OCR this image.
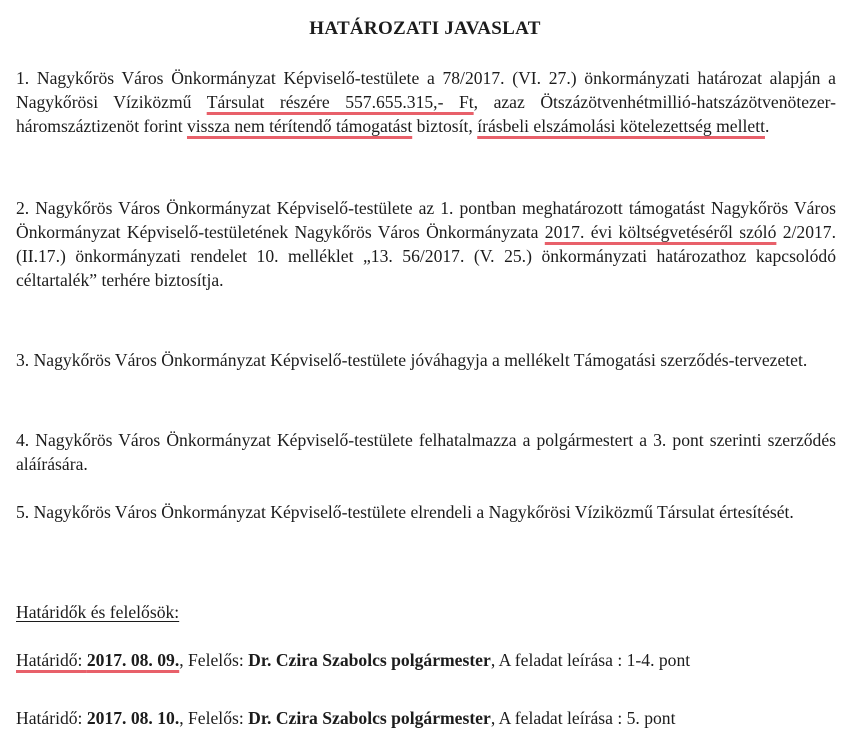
HATÁROZATI JAVASLAT
1. Nagykőrös Város Önkormányzat Képviselő-testülete a 78/2017. (VI. 27.) önkormányzati határozat alapján a Nagykőrösi Víziközmű Társulat részére 557.655.315,- Ft, azaz Ötszázötvenhétmillió-hatszázötvenötezer-háromszáztizenöt forint vissza nem térítendő támogatást biztosít, írásbeli elszámolási kötelezettség mellett.
2. Nagykőrös Város Önkormányzat Képviselő-testülete az 1. pontban meghatározott támogatást Nagykőrös Város Önkormányzat Képviselő-testületének Nagykőrös Város Önkormányzata 2017. évi költségvetéséről szóló 2/2017. (II.17.) önkormányzati rendelet 10. melléklet „13. 56/2017. (V. 25.) önkormányzati határozathoz kapcsolódó céltartalék” terhére biztosítja.
3. Nagykőrös Város Önkormányzat Képviselő-testülete jóváhagyja a mellékelt Támogatási szerződés-tervezetet.
4. Nagykőrös Város Önkormányzat Képviselő-testülete felhatalmazza a polgármestert a 3. pont szerinti szerződés aláírására.
5. Nagykőrös Város Önkormányzat Képviselő-testülete elrendeli a Nagykőrösi Víziközmű Társulat értesítését.
Határidők és felelősök:
Határidő: 2017. 08. 09., Felelős: Dr. Czira Szabolcs polgármester, A feladat leírása : 1-4. pont
Határidő: 2017. 08. 10., Felelős: Dr. Czira Szabolcs polgármester, A feladat leírása : 5. pont
